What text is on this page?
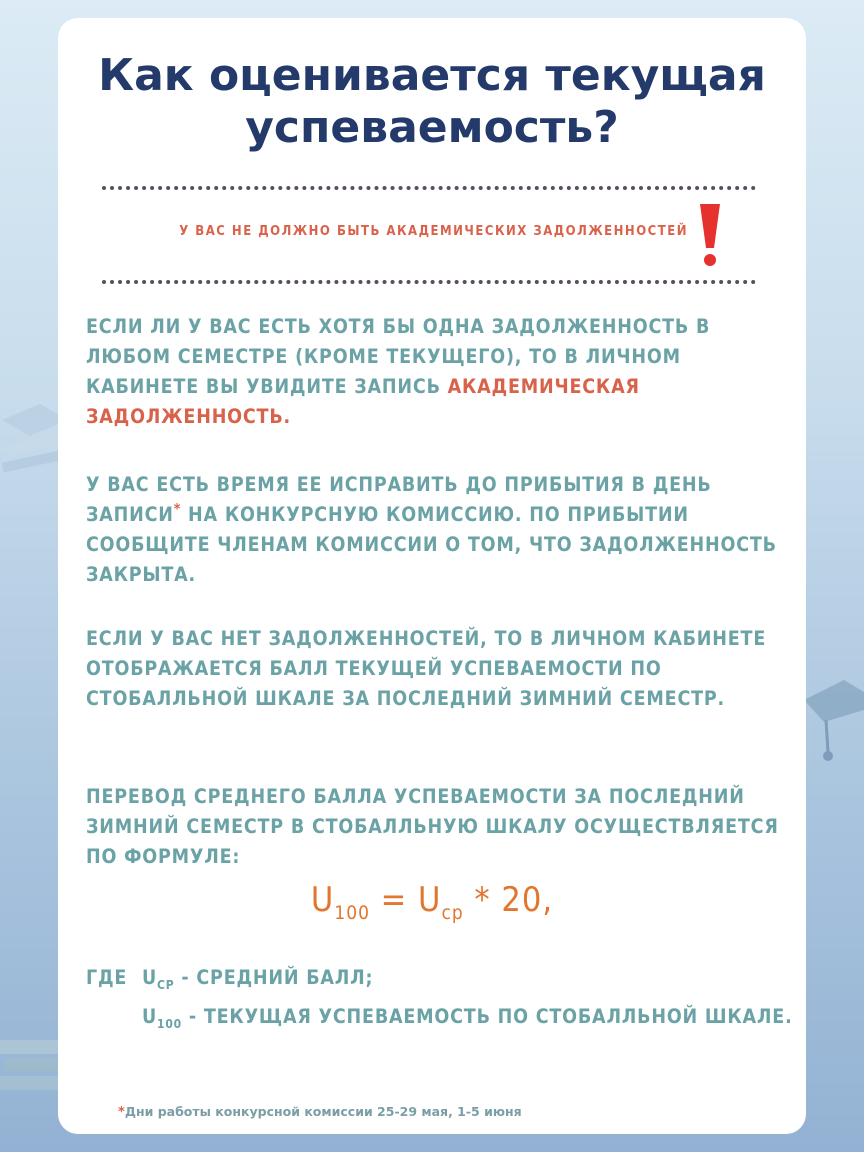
Как оценивается текущая успеваемость?
У ВАС НЕ ДОЛЖНО БЫТЬ АКАДЕМИЧЕСКИХ ЗАДОЛЖЕННОСТЕЙ

ЕСЛИ ЛИ У ВАС ЕСТЬ ХОТЯ БЫ ОДНА ЗАДОЛЖЕННОСТЬ В ЛЮБОМ СЕМЕСТРЕ (КРОМЕ ТЕКУЩЕГО), ТО В ЛИЧНОМ КАБИНЕТЕ ВЫ УВИДИТЕ ЗАПИСЬ АКАДЕМИЧЕСКАЯ ЗАДОЛЖЕННОСТЬ.

У ВАС ЕСТЬ ВРЕМЯ ЕЕ ИСПРАВИТЬ ДО ПРИБЫТИЯ В ДЕНЬ ЗАПИСИ* НА КОНКУРСНУЮ КОМИССИЮ. ПО ПРИБЫТИИ СООБЩИТЕ ЧЛЕНАМ КОМИССИИ О ТОМ, ЧТО ЗАДОЛЖЕННОСТЬ ЗАКРЫТА.

ЕСЛИ У ВАС НЕТ ЗАДОЛЖЕННОСТЕЙ, ТО В ЛИЧНОМ КАБИНЕТЕ ОТОБРАЖАЕТСЯ БАЛЛ ТЕКУЩЕЙ УСПЕВАЕМОСТИ ПО СТОБАЛЛЬНОЙ ШКАЛЕ ЗА ПОСЛЕДНИЙ ЗИМНИЙ СЕМЕСТР.

ПЕРЕВОД СРЕДНЕГО БАЛЛА УСПЕВАЕМОСТИ ЗА ПОСЛЕДНИЙ ЗИМНИЙ СЕМЕСТР В СТОБАЛЛЬНУЮ ШКАЛУ ОСУЩЕСТВЛЯЕТСЯ ПО ФОРМУЛЕ:

$U_{100} = U_{ср} * 20$,
ГДЕ $U_{СР}$ - СРЕДНИЙ БАЛЛ;
$U_{100}$ - ТЕКУЩАЯ УСПЕВАЕМОСТЬ ПО СТОБАЛЛЬНОЙ ШКАЛЕ.
*Дни работы конкурсной комиссии 25-29 мая, 1-5 июня
